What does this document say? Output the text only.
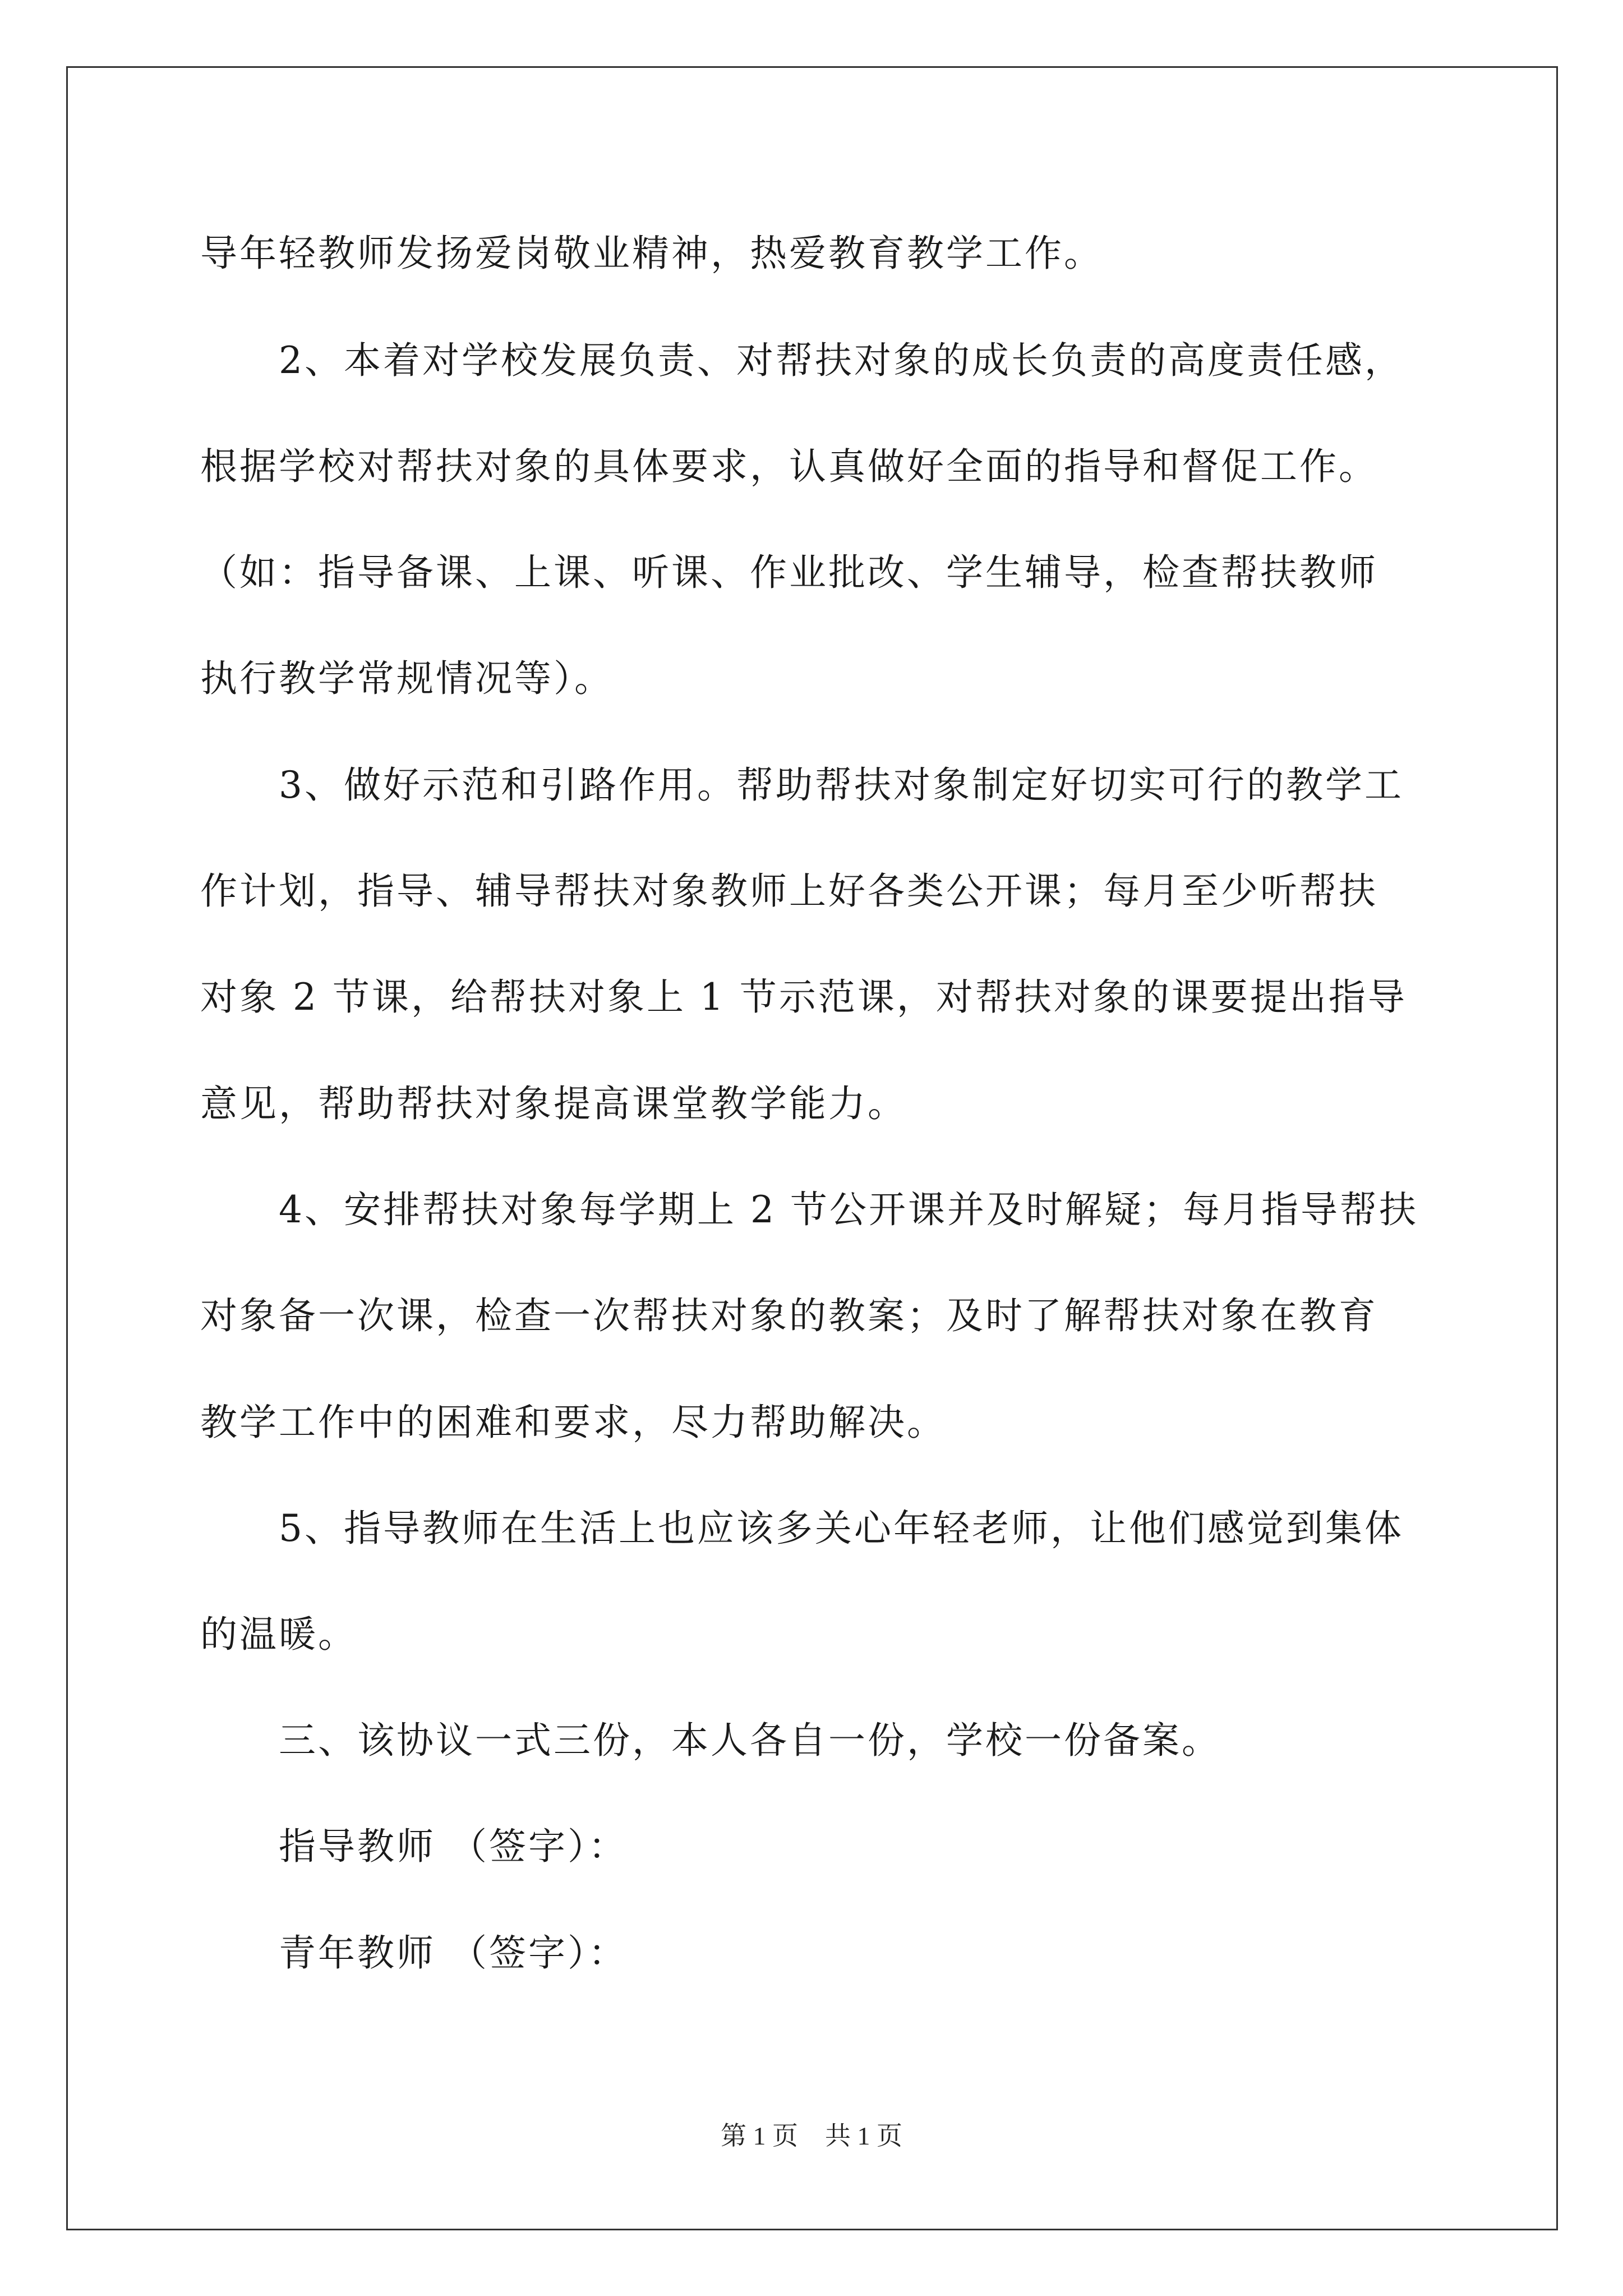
导年轻教师发扬爱岗敬业精神，热爱教育教学工作。
2、本着对学校发展负责、对帮扶对象的成长负责的高度责任感，
根据学校对帮扶对象的具体要求，认真做好全面的指导和督促工作。
（如：指导备课、上课、听课、作业批改、学生辅导，检查帮扶教师
执行教学常规情况等）。
3、做好示范和引路作用。帮助帮扶对象制定好切实可行的教学工
作计划，指导、辅导帮扶对象教师上好各类公开课；每月至少听帮扶
对象 2 节课，给帮扶对象上 1 节示范课，对帮扶对象的课要提出指导
意见，帮助帮扶对象提高课堂教学能力。
4、安排帮扶对象每学期上 2 节公开课并及时解疑；每月指导帮扶
对象备一次课，检查一次帮扶对象的教案；及时了解帮扶对象在教育
教学工作中的困难和要求，尽力帮助解决。
5、指导教师在生活上也应该多关心年轻老师，让他们感觉到集体
的温暖。
三、该协议一式三份，本人各自一份，学校一份备案。
指导教师 （签字）：
青年教师 （签字）：
第 1 页 共 1 页
